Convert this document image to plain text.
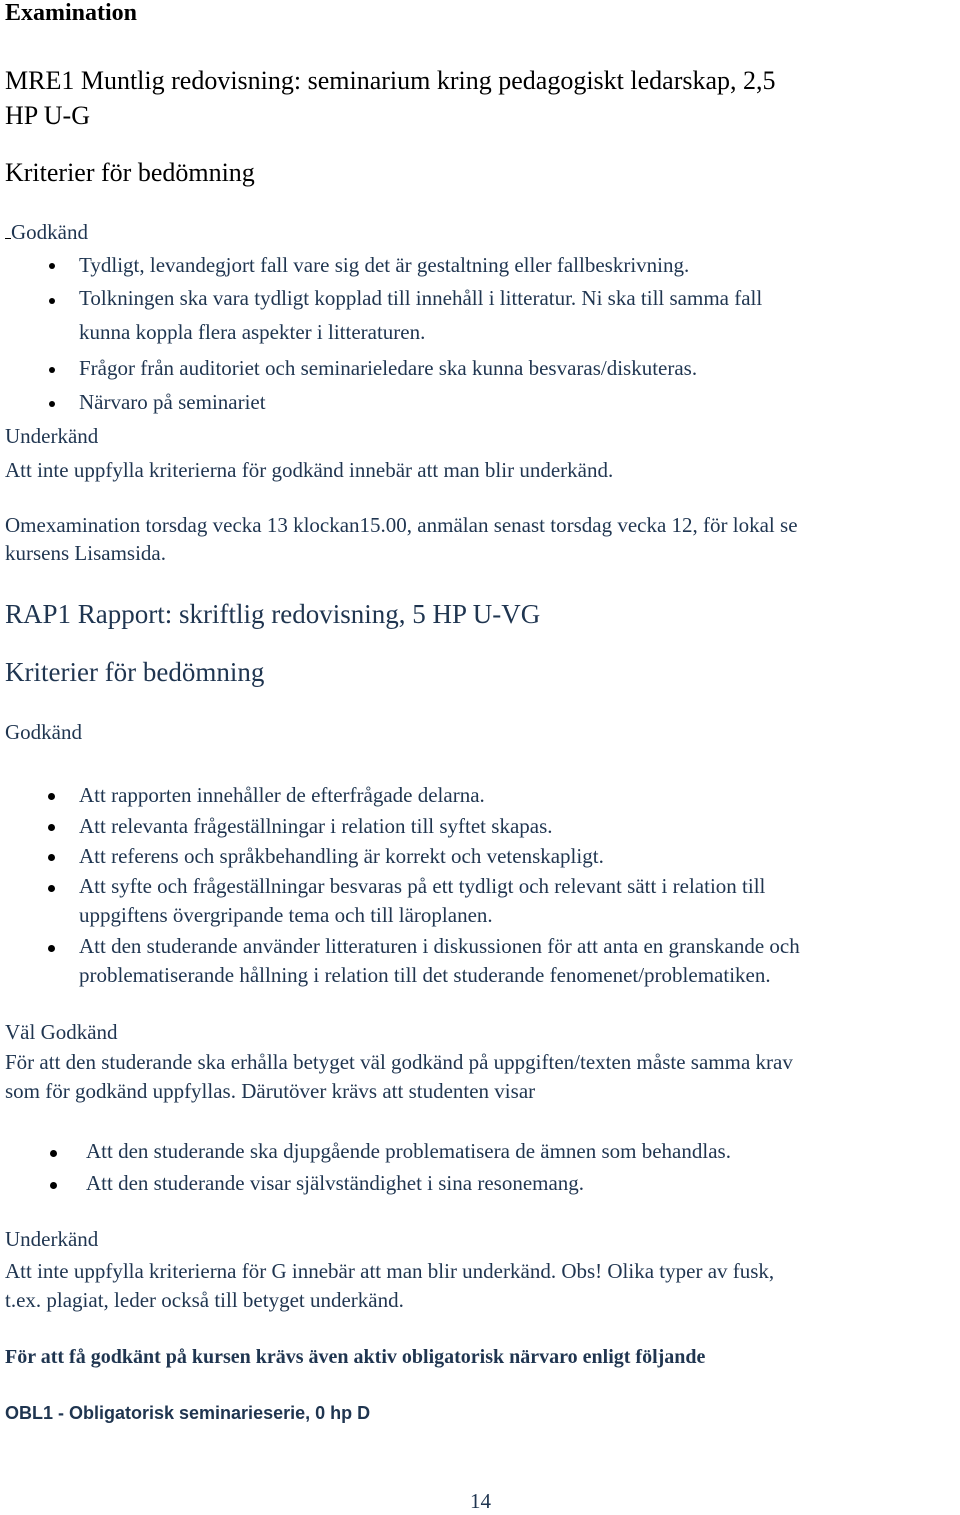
Examination
MRE1 Muntlig redovisning: seminarium kring pedagogiskt ledarskap, 2,5
HP U-G
Kriterier för bedömning
Godkänd
Tydligt, levandegjort fall vare sig det är gestaltning eller fallbeskrivning.
Tolkningen ska vara tydligt kopplad till innehåll i litteratur. Ni ska till samma fall
kunna koppla flera aspekter i litteraturen.
Frågor från auditoriet och seminarieledare ska kunna besvaras/diskuteras.
Närvaro på seminariet
Underkänd
Att inte uppfylla kriterierna för godkänd innebär att man blir underkänd.
Omexamination torsdag vecka 13 klockan15.00, anmälan senast torsdag vecka 12, för lokal se
kursens Lisamsida.
RAP1 Rapport: skriftlig redovisning, 5 HP U-VG
Kriterier för bedömning
Godkänd
Att rapporten innehåller de efterfrågade delarna.
Att relevanta frågeställningar i relation till syftet skapas.
Att referens och språkbehandling är korrekt och vetenskapligt.
Att syfte och frågeställningar besvaras på ett tydligt och relevant sätt i relation till
uppgiftens övergripande tema och till läroplanen.
Att den studerande använder litteraturen i diskussionen för att anta en granskande och
problematiserande hållning i relation till det studerande fenomenet/problematiken.
Väl Godkänd
För att den studerande ska erhålla betyget väl godkänd på uppgiften/texten måste samma krav
som för godkänd uppfyllas. Därutöver krävs att studenten visar
Att den studerande ska djupgående problematisera de ämnen som behandlas.
Att den studerande visar självständighet i sina resonemang.
Underkänd
Att inte uppfylla kriterierna för G innebär att man blir underkänd. Obs! Olika typer av fusk,
t.ex. plagiat, leder också till betyget underkänd.
För att få godkänt på kursen krävs även aktiv obligatorisk närvaro enligt följande
OBL1 - Obligatorisk seminarieserie, 0 hp D
14
